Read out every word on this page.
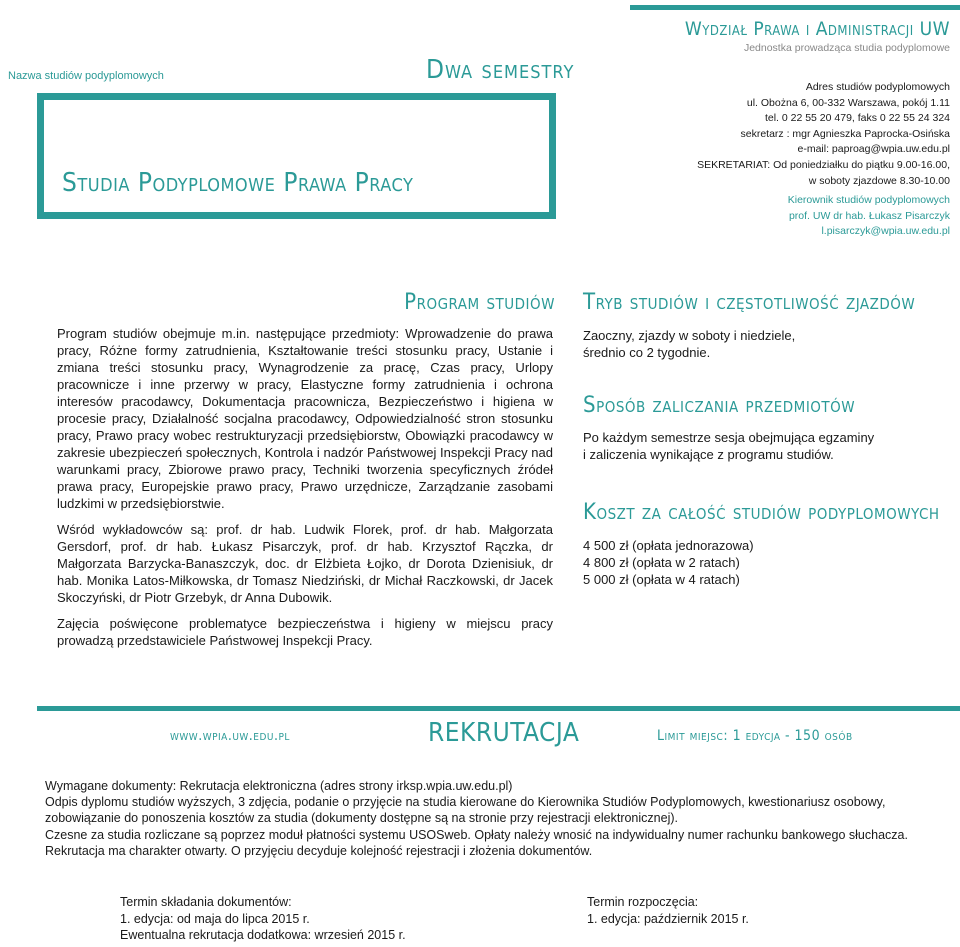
Nazwa studiów podyplomowych	Dwa semestry
Studia Podyplomowe Prawa Pracy
Wydział Prawa i Administracji UW
Jednostka prowadząca studia podyplomowe
Adres studiów podyplomowych
ul. Obożna 6, 00-332 Warszawa, pokój 1.11
tel. 0 22 55 20 479, faks 0 22 55 24 324
sekretarz : mgr Agnieszka Paprocka-Osińska
e-mail: paproag@wpia.uw.edu.pl
SEKRETARIAT: Od poniedziałku do piątku 9.00-16.00,
w soboty zjazdowe 8.30-10.00
Kierownik studiów podyplomowych
prof. UW dr hab. Łukasz Pisarczyk
l.pisarczyk@wpia.uw.edu.pl
Program studiów

Program studiów obejmuje m.in. następujące przedmioty: Wprowadzenie do prawa pracy, Różne formy zatrudnienia, Kształtowanie treści stosunku pracy, Ustanie i zmiana treści stosunku pracy, Wynagrodzenie za pracę, Czas pracy, Urlopy pracownicze i inne przerwy w pracy, Elastyczne formy zatrudnienia i ochrona interesów pracodawcy, Dokumentacja pracownicza, Bezpieczeństwo i higiena w procesie pracy, Działalność socjalna pracodawcy, Odpowiedzialność stron stosunku pracy, Prawo pracy wobec restrukturyzacji przedsiębiorstw, Obowiązki pracodawcy w zakresie ubezpieczeń społecznych, Kontrola i nadzór Państwowej Inspekcji Pracy nad warunkami pracy, Zbiorowe prawo pracy, Techniki tworzenia specyficznych źródeł prawa pracy, Europejskie prawo pracy, Prawo urzędnicze, Zarządzanie zasobami ludzkimi w przedsiębiorstwie.

Wśród wykładowców są: prof. dr hab. Ludwik Florek, prof. dr hab. Małgorzata Gersdorf, prof. dr hab. Łukasz Pisarczyk, prof. dr hab. Krzysztof Rączka, dr Małgorzata Barzycka-Banaszczyk, doc. dr Elżbieta Łojko, dr Dorota Dzienisiuk, dr hab. Monika Latos-Miłkowska, dr Tomasz Niedziński, dr Michał Raczkowski, dr Jacek Skoczyński, dr Piotr Grzebyk, dr Anna Dubowik.

Zajęcia poświęcone problematyce bezpieczeństwa i higieny w miejscu pracy prowadzą przedstawiciele Państwowej Inspekcji Pracy.

Tryb studiów i częstotliwość zjazdów
Zaoczny, zjazdy w soboty i niedziele,
średnio co 2 tygodnie.
Sposób zaliczania przedmiotów
Po każdym semestrze sesja obejmująca egzaminy
i zaliczenia wynikające z programu studiów.
Koszt za całość studiów podyplomowych
4 500 zł (opłata jednorazowa)
4 800 zł (opłata w 2 ratach)
5 000 zł (opłata w 4 ratach)
www.wpia.uw.edu.pl	REKRUTACJA	Limit miejsc: 1 edycja - 150 osób

Wymagane dokumenty: Rekrutacja elektroniczna (adres strony irksp.wpia.uw.edu.pl)

Odpis dyplomu studiów wyższych, 3 zdjęcia, podanie o przyjęcie na studia kierowane do Kierownika Studiów Podyplomowych, kwestionariusz osobowy, zobowiązanie do ponoszenia kosztów za studia (dokumenty dostępne są na stronie przy rejestracji elektronicznej).

Czesne za studia rozliczane są poprzez moduł płatności systemu USOSweb. Opłaty należy wnosić na indywidualny numer rachunku bankowego słuchacza. Rekrutacja ma charakter otwarty. O przyjęciu decyduje kolejność rejestracji i złożenia dokumentów.

Termin składania dokumentów:

1. edycja: od maja do lipca 2015 r.

Ewentualna rekrutacja dodatkowa: wrzesień 2015 r.

Termin rozpoczęcia:

1. edycja: październik 2015 r.
